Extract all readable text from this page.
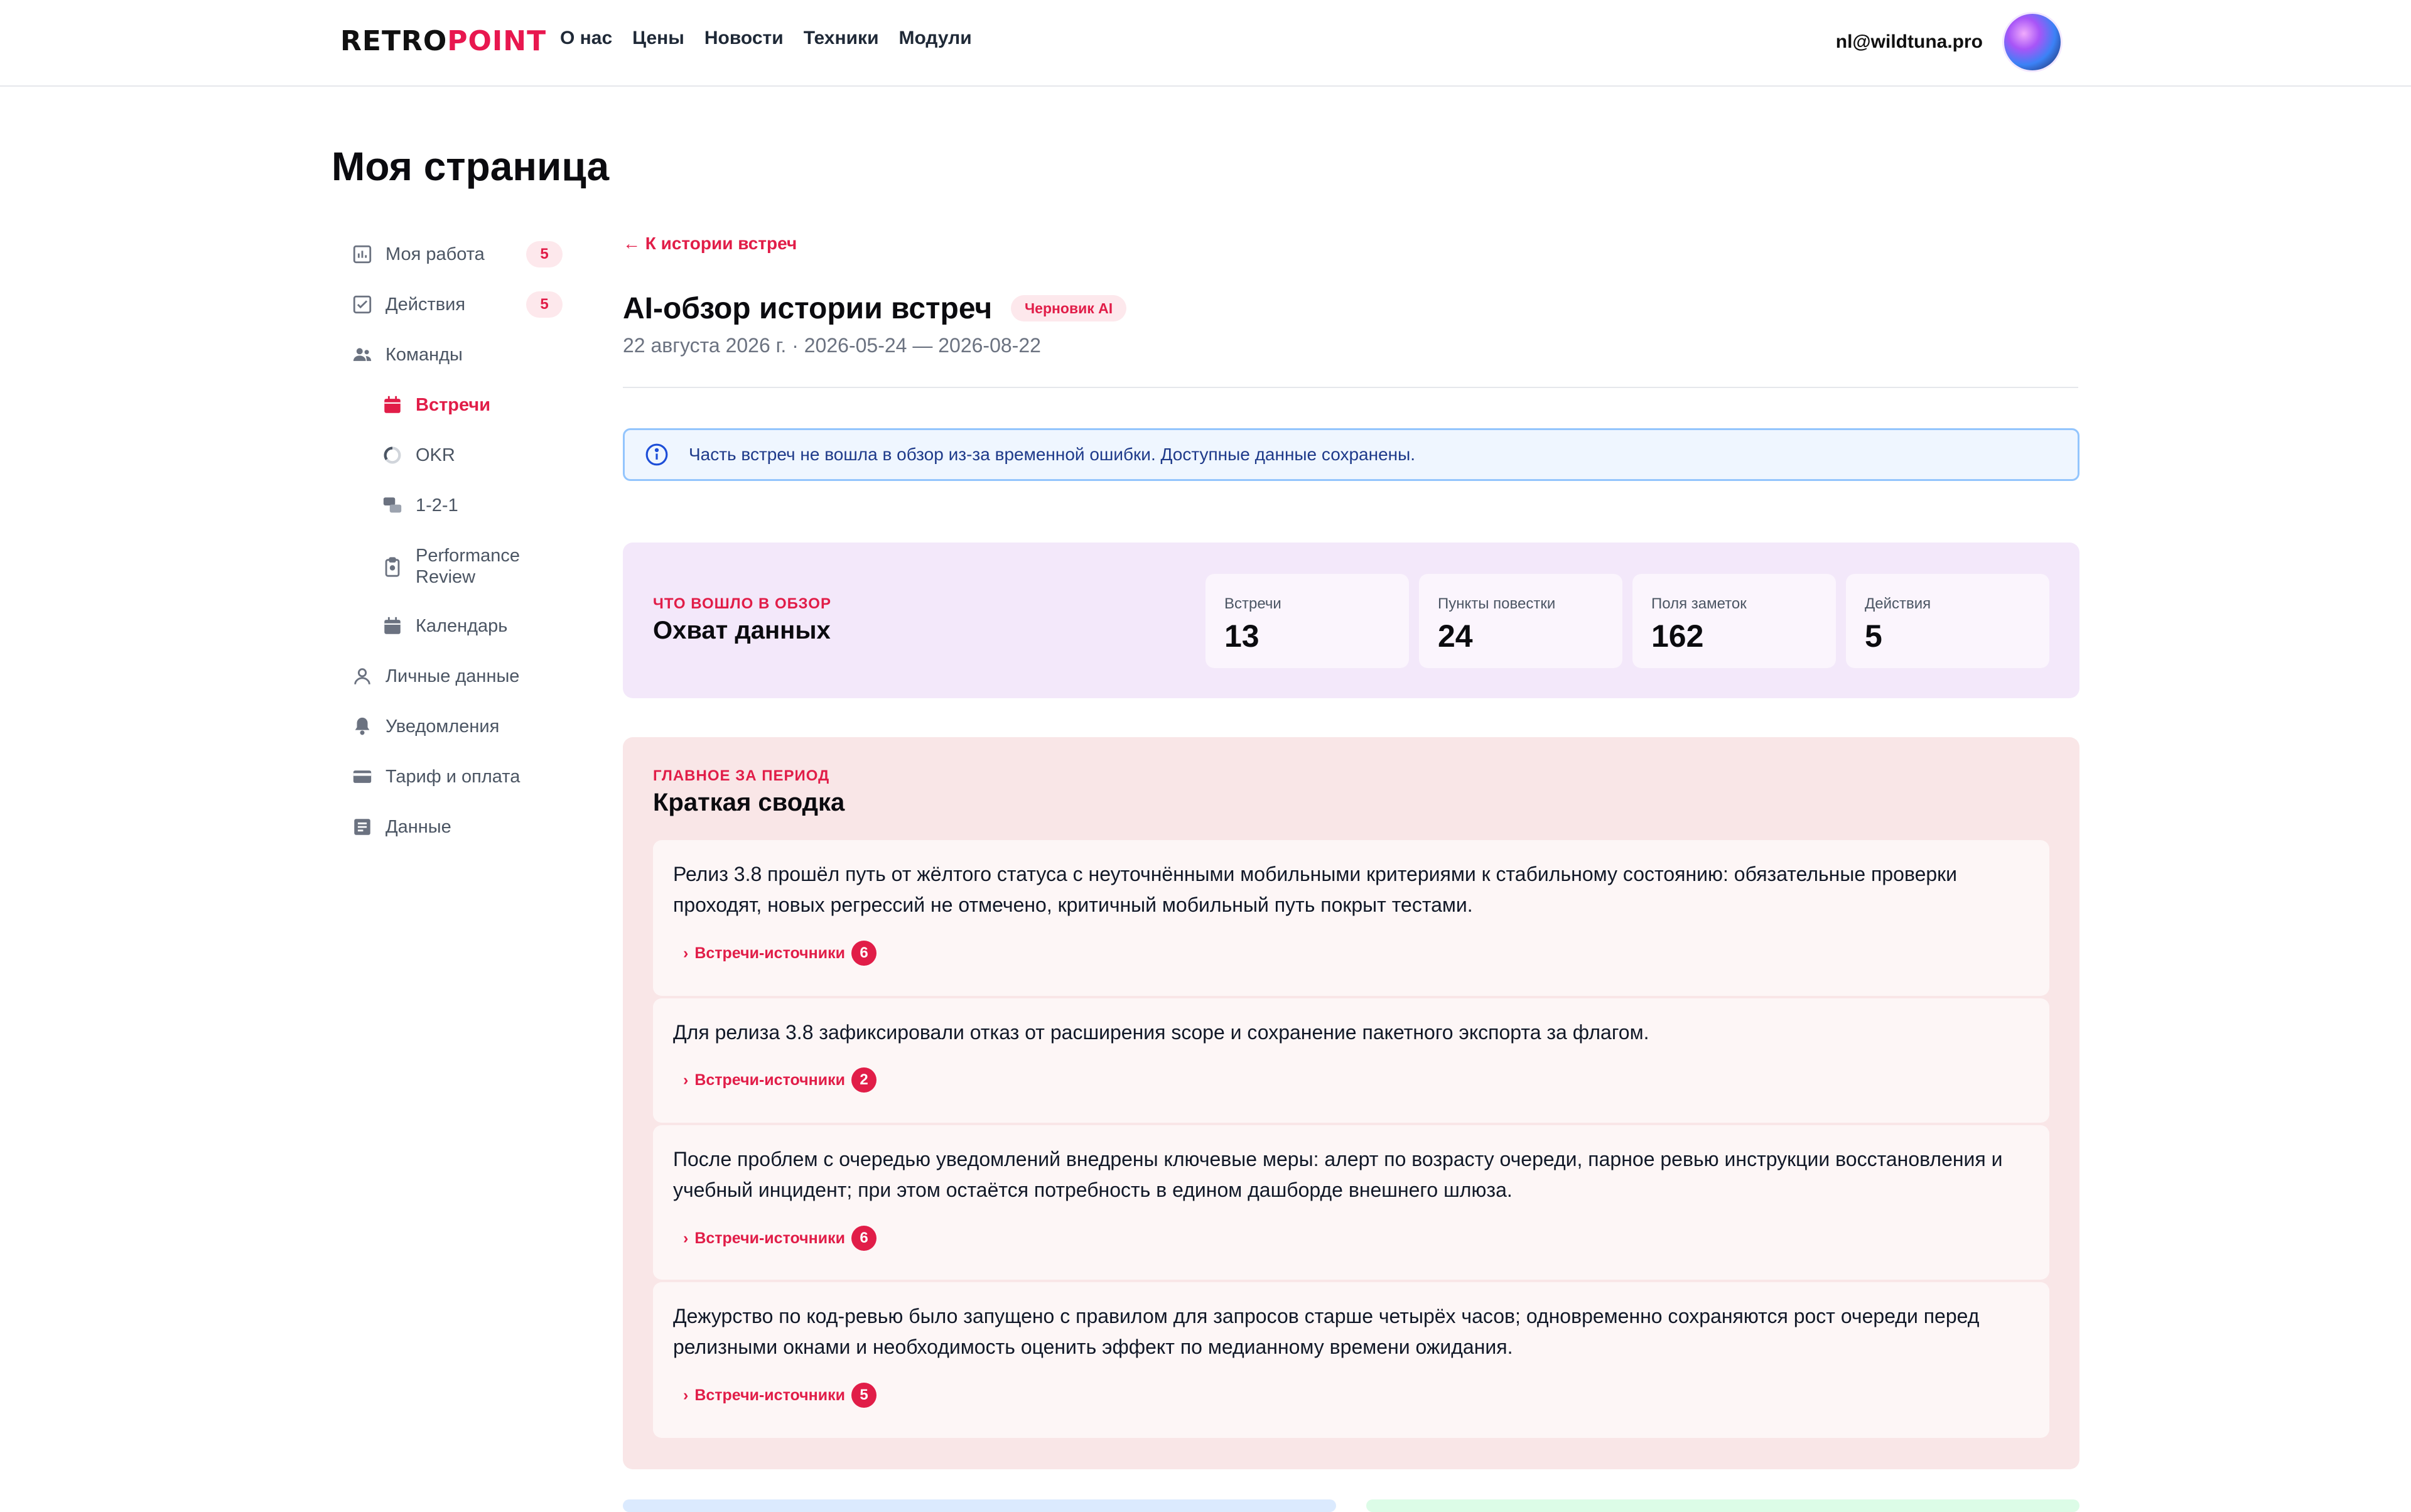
RETROPOINT О нас Цены Новости Техники Модули	nl@wildtuna.pro
Моя страница
Моя работа	5
Действия	5
Команды
Встречи
OKR
1-2-1
Performance Review
Календарь
Личные данные
Уведомления
Тариф и оплата
Данные
← К истории встреч
AI-обзор истории встреч	Черновик AI
22 августа 2026 г. · 2026-05-24 — 2026-08-22
Часть встреч не вошла в обзор из-за временной ошибки. Доступные данные сохранены.
ЧТО ВОШЛО В ОБЗОР
Охват данных
Встречи
13
Пункты повестки
24
Поля заметок
162
Действия
5
ГЛАВНОЕ ЗА ПЕРИОД
Краткая сводка
Релиз 3.8 прошёл путь от жёлтого статуса с неуточнёнными мобильными критериями к стабильному состоянию: обязательные проверки проходят, новых регрессий не отмечено, критичный мобильный путь покрыт тестами.
› Встречи-источники 6
Для релиза 3.8 зафиксировали отказ от расширения scope и сохранение пакетного экспорта за флагом.
› Встречи-источники 2
После проблем с очередью уведомлений внедрены ключевые меры: алерт по возрасту очереди, парное ревью инструкции восстановления и учебный инцидент; при этом остаётся потребность в едином дашборде внешнего шлюза.
› Встречи-источники 6
Дежурство по код-ревью было запущено с правилом для запросов старше четырёх часов; одновременно сохраняются рост очереди перед релизными окнами и необходимость оценить эффект по медианному времени ожидания.
› Встречи-источники 5
